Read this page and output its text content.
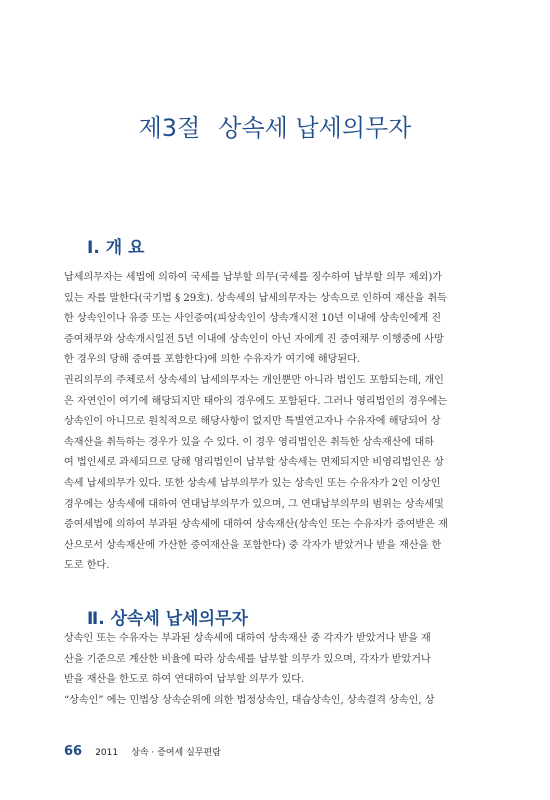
제3절 상속세 납세의무자
Ⅰ. 개 요
납세의무자는 세법에 의하여 국세를 납부할 의무(국세를 징수하여 납부할 의무 제외)가
있는 자를 말한다(국기법 § 29호). 상속세의 납세의무자는 상속으로 인하여 재산을 취득
한 상속인이나 유증 또는 사인증여(피상속인이 상속개시전 10년 이내에 상속인에게 진
증여채무와 상속개시일전 5년 이내에 상속인이 아닌 자에게 진 증여채무 이행중에 사망
한 경우의 당해 증여를 포함한다)에 의한 수유자가 여기에 해당된다.
권리의무의 주체로서 상속세의 납세의무자는 개인뿐만 아니라 법인도 포함되는데, 개인
은 자연인이 여기에 해당되지만 태아의 경우에도 포함된다. 그러나 영리법인의 경우에는
상속인이 아니므로 원칙적으로 해당사항이 없지만 특별연고자나 수유자에 해당되어 상
속재산을 취득하는 경우가 있을 수 있다. 이 경우 영리법인은 취득한 상속재산에 대하
여 법인세로 과세되므로 당해 영리법인이 납부할 상속세는 면제되지만 비영리법인은 상
속세 납세의무가 있다. 또한 상속세 납부의무가 있는 상속인 또는 수유자가 2인 이상인
경우에는 상속세에 대하여 연대납부의무가 있으며, 그 연대납부의무의 범위는 상속세및
증여세법에 의하여 부과된 상속세에 대하여 상속재산(상속인 또는 수유자가 증여받은 재
산으로서 상속재산에 가산한 증여재산을 포함한다) 중 각자가 받았거나 받을 재산을 한
도로 한다.
Ⅱ. 상속세 납세의무자
상속인 또는 수유자는 부과된 상속세에 대하여 상속재산 중 각자가 받았거나 받을 재
산을 기준으로 계산한 비율에 따라 상속세를 납부할 의무가 있으며, 각자가 받았거나
받을 재산을 한도로 하여 연대하여 납부할 의무가 있다.
“상속인” 에는 민법상 상속순위에 의한 법정상속인, 대습상속인, 상속결격 상속인, 상
66 2011 상속 · 증여세 실무편람
